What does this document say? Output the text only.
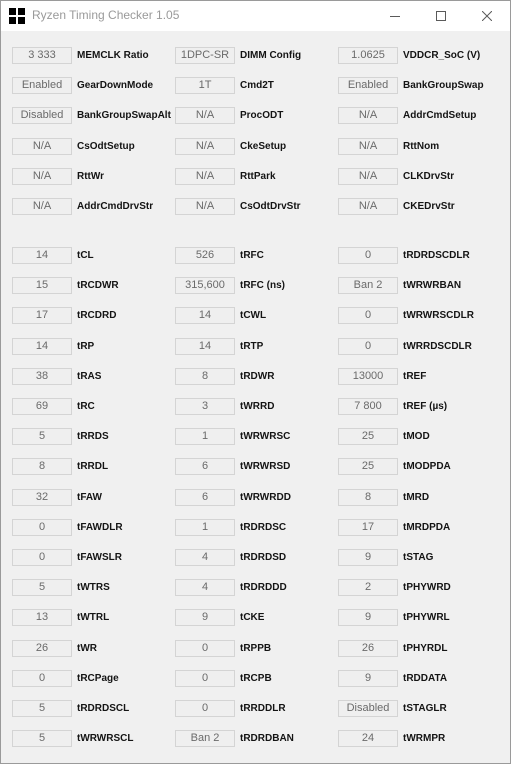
Ryzen Timing Checker 1.05
3 333	MEMCLK Ratio	1DPC-SR	DIMM Config	1.0625	VDDCR_SoC (V)
Enabled	GearDownMode	1T	Cmd2T	Enabled	BankGroupSwap
Disabled	BankGroupSwapAlt	N/A	ProcODT	N/A	AddrCmdSetup
N/A	CsOdtSetup	N/A	CkeSetup	N/A	RttNom
N/A	RttWr	N/A	RttPark	N/A	CLKDrvStr
N/A	AddrCmdDrvStr	N/A	CsOdtDrvStr	N/A	CKEDrvStr
14	tCL	526	tRFC	0	tRDRDSCDLR
15	tRCDWR	315,600	tRFC (ns)	Ban 2	tWRWRBAN
17	tRCDRD	14	tCWL	0	tWRWRSCDLR
14	tRP	14	tRTP	0	tWRRDSCDLR
38	tRAS	8	tRDWR	13000	tREF
69	tRC	3	tWRRD	7 800	tREF (µs)
5	tRRDS	1	tWRWRSC	25	tMOD
8	tRRDL	6	tWRWRSD	25	tMODPDA
32	tFAW	6	tWRWRDD	8	tMRD
0	tFAWDLR	1	tRDRDSC	17	tMRDPDA
0	tFAWSLR	4	tRDRDSD	9	tSTAG
5	tWTRS	4	tRDRDDD	2	tPHYWRD
13	tWTRL	9	tCKE	9	tPHYWRL
26	tWR	0	tRPPB	26	tPHYRDL
0	tRCPage	0	tRCPB	9	tRDDATA
5	tRDRDSCL	0	tRRDDLR	Disabled	tSTAGLR
5	tWRWRSCL	Ban 2	tRDRDBAN	24	tWRMPR
